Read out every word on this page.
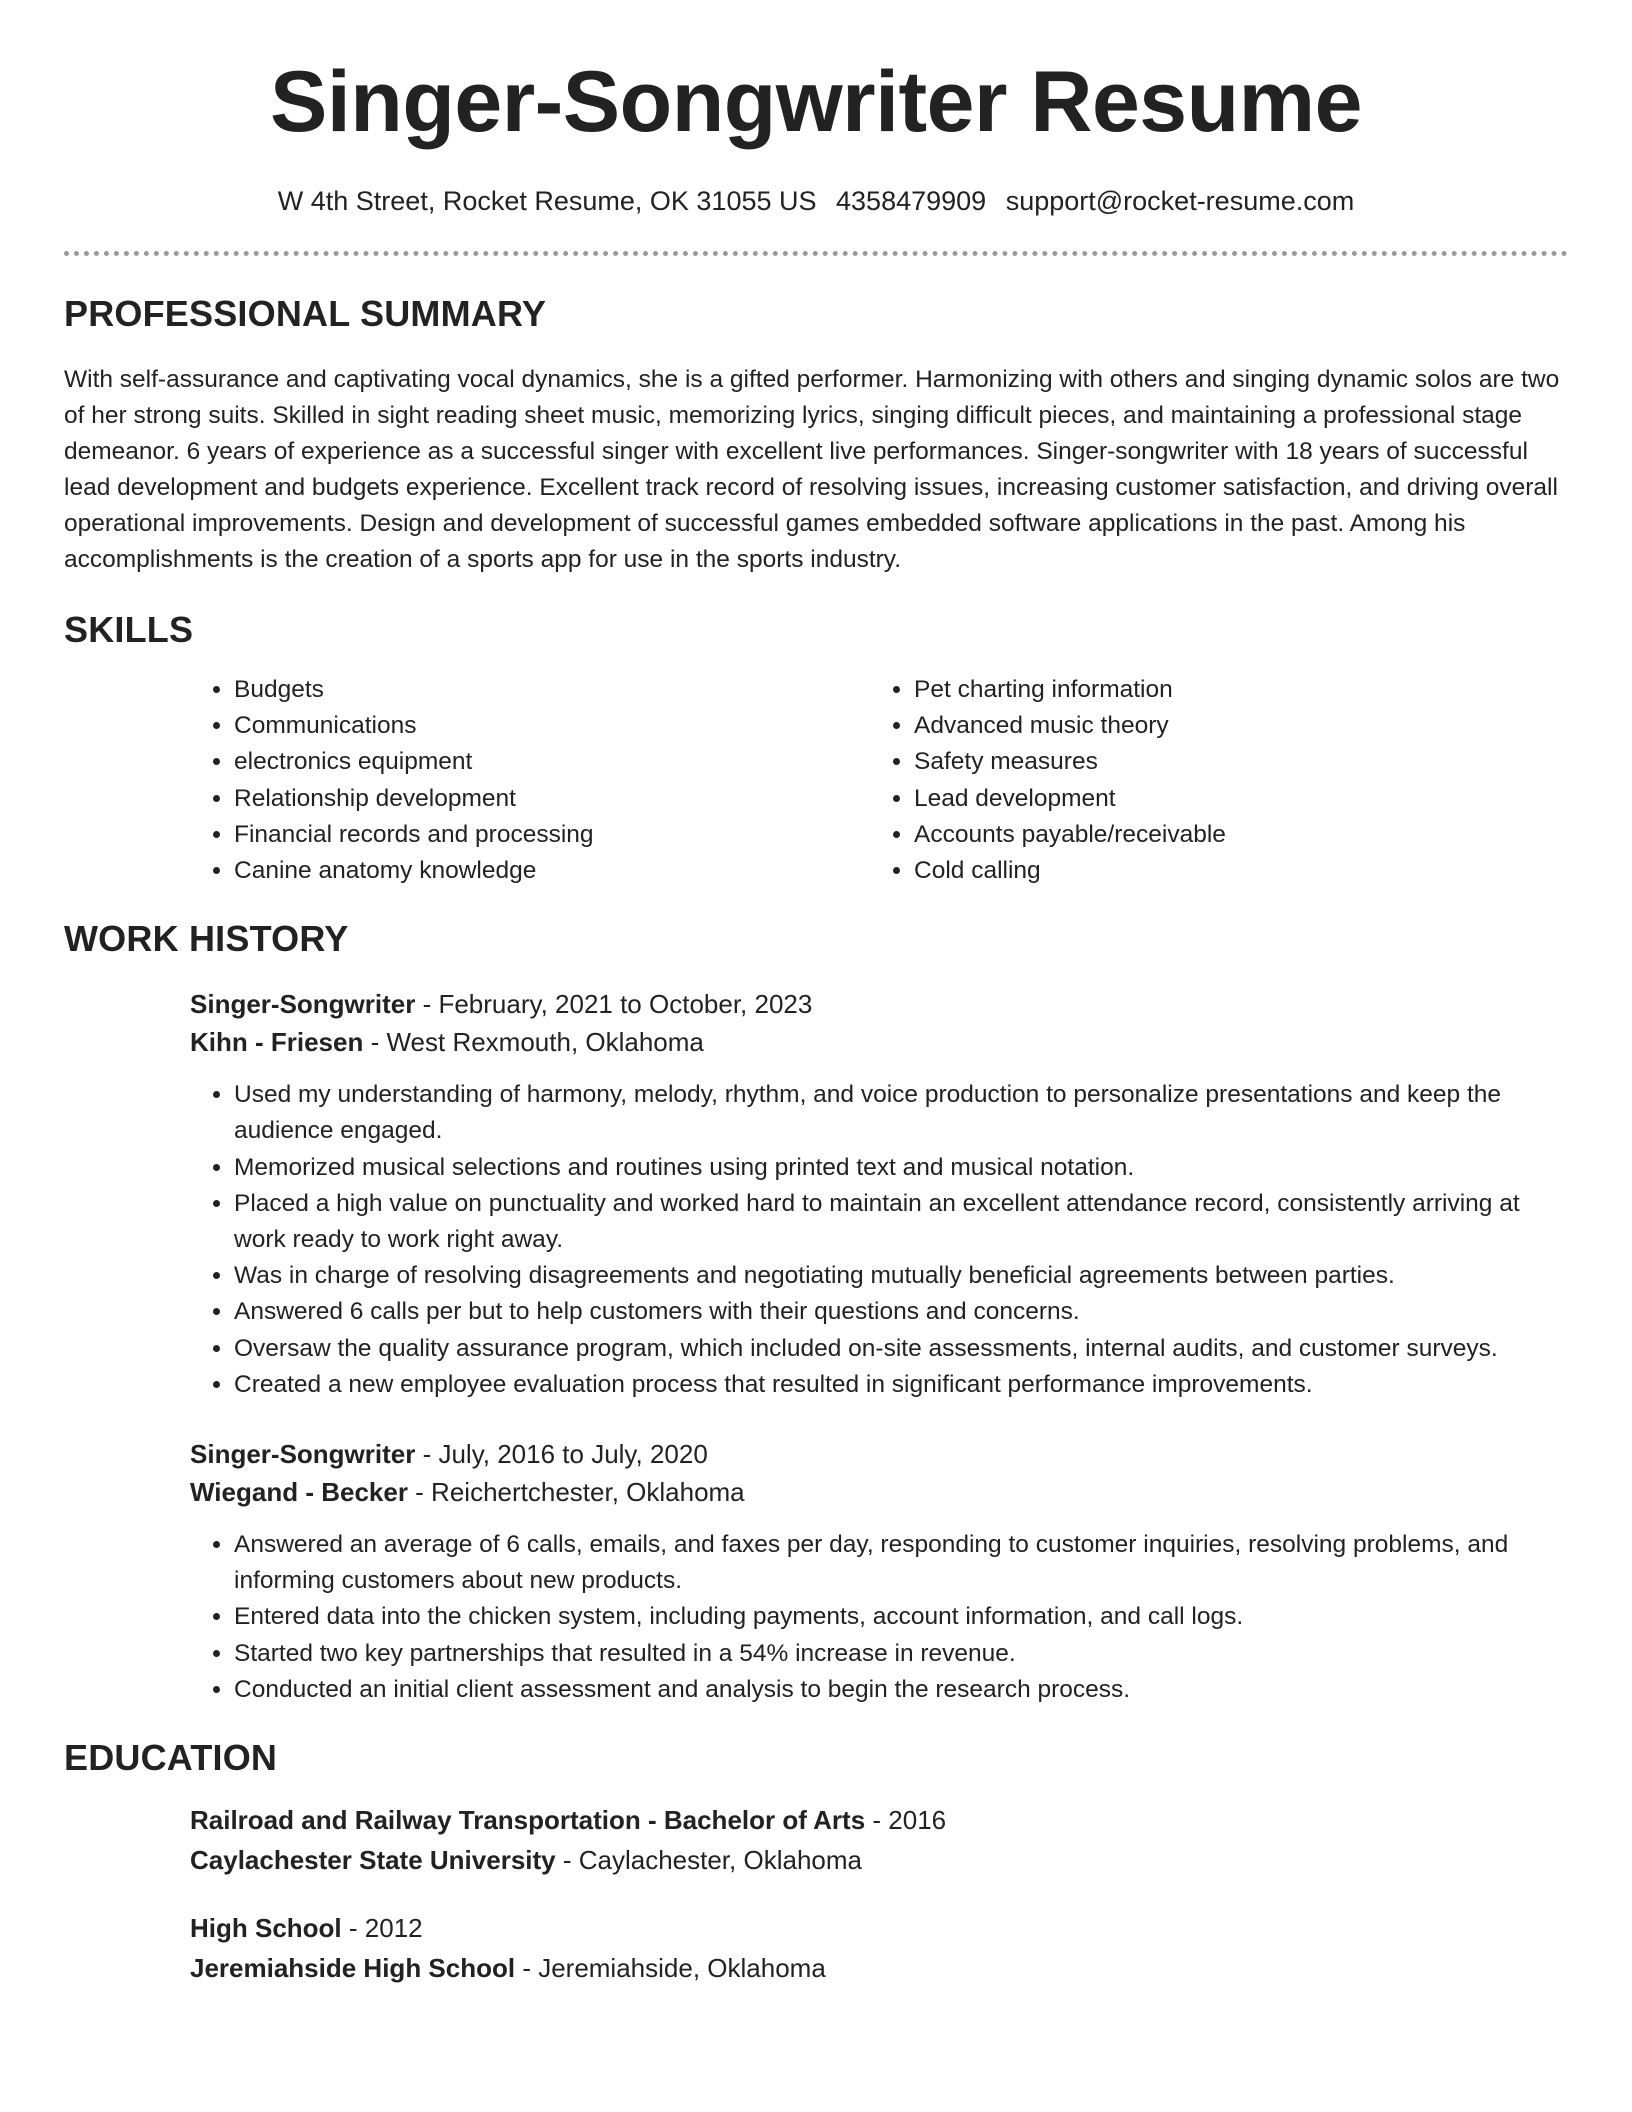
Singer-Songwriter Resume
W 4th Street, Rocket Resume, OK 31055 US 4358479909 support@rocket-resume.com
PROFESSIONAL SUMMARY

With self-assurance and captivating vocal dynamics, she is a gifted performer. Harmonizing with others and singing dynamic solos are two of her strong suits. Skilled in sight reading sheet music, memorizing lyrics, singing difficult pieces, and maintaining a professional stage demeanor. 6 years of experience as a successful singer with excellent live performances. Singer-songwriter with 18 years of successful lead development and budgets experience. Excellent track record of resolving issues, increasing customer satisfaction, and driving overall operational improvements. Design and development of successful games embedded software applications in the past. Among his accomplishments is the creation of a sports app for use in the sports industry.

SKILLS
• Budgets
• Communications
• electronics equipment
• Relationship development
• Financial records and processing
• Canine anatomy knowledge
• Pet charting information
• Advanced music theory
• Safety measures
• Lead development
• Accounts payable/receivable
• Cold calling
WORK HISTORY
Singer-Songwriter - February, 2021 to October, 2023
Kihn - Friesen - West Rexmouth, Oklahoma
• Used my understanding of harmony, melody, rhythm, and voice production to personalize presentations and keep the audience engaged.
• Memorized musical selections and routines using printed text and musical notation.
• Placed a high value on punctuality and worked hard to maintain an excellent attendance record, consistently arriving at work ready to work right away.
• Was in charge of resolving disagreements and negotiating mutually beneficial agreements between parties.
• Answered 6 calls per but to help customers with their questions and concerns.
• Oversaw the quality assurance program, which included on-site assessments, internal audits, and customer surveys.
• Created a new employee evaluation process that resulted in significant performance improvements.
Singer-Songwriter - July, 2016 to July, 2020
Wiegand - Becker - Reichertchester, Oklahoma
• Answered an average of 6 calls, emails, and faxes per day, responding to customer inquiries, resolving problems, and informing customers about new products.
• Entered data into the chicken system, including payments, account information, and call logs.
• Started two key partnerships that resulted in a 54% increase in revenue.
• Conducted an initial client assessment and analysis to begin the research process.
EDUCATION
Railroad and Railway Transportation - Bachelor of Arts - 2016
Caylachester State University - Caylachester, Oklahoma
High School - 2012
Jeremiahside High School - Jeremiahside, Oklahoma
